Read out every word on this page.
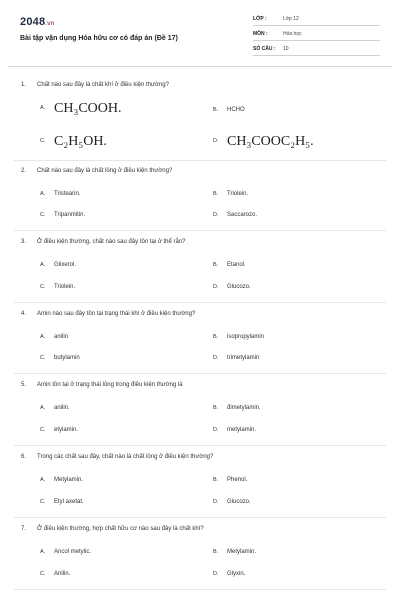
2048.vn
Bài tập vận dụng Hóa hữu cơ có đáp án (Đề 17)
LỚP :	Lớp 12
MÔN :	Hóa học
SỐ CÂU : 10
1. Chất nào sau đây là chất khí ở điều kiện thường?
A. CH₃COOH.	B. HCHO
C. C₂H₅OH.	D. CH₃COOC₂H₅.
2. Chất nào sau đây là chất lỏng ở điều kiện thường?
A. Tristearin.	B. Triolein.
C. Tripanmitin.	D. Saccarozo.
3. Ở điều kiện thường, chất nào sau đây tồn tại ở thể rắn?
A. Glixerol.	B. Etanol.
C. Triolein.	D. Glucozo.
4. Amin nào sau đây tồn tại trạng thái khí ở điều kiện thường?
A. anilin	B. isopropylamin
C. butylamin	D. trimetylamin
5. Amin tồn tại ở trạng thái lỏng trong điều kiện thường là
A. anilin.	B. đimetylamin.
C. etylamin.	D. metylamin.
6. Trong các chất sau đây, chất nào là chất lỏng ở điều kiện thường?
A. Metylamin.	B. Phenol.
C. Etyl axetat.	D. Glucozo.
7. Ở điều kiện thường, hợp chất hữu cơ nào sau đây là chất khí?
A. Ancol metylic.	B. Metylamin.
C. Anilin.	D. Glyxin.
